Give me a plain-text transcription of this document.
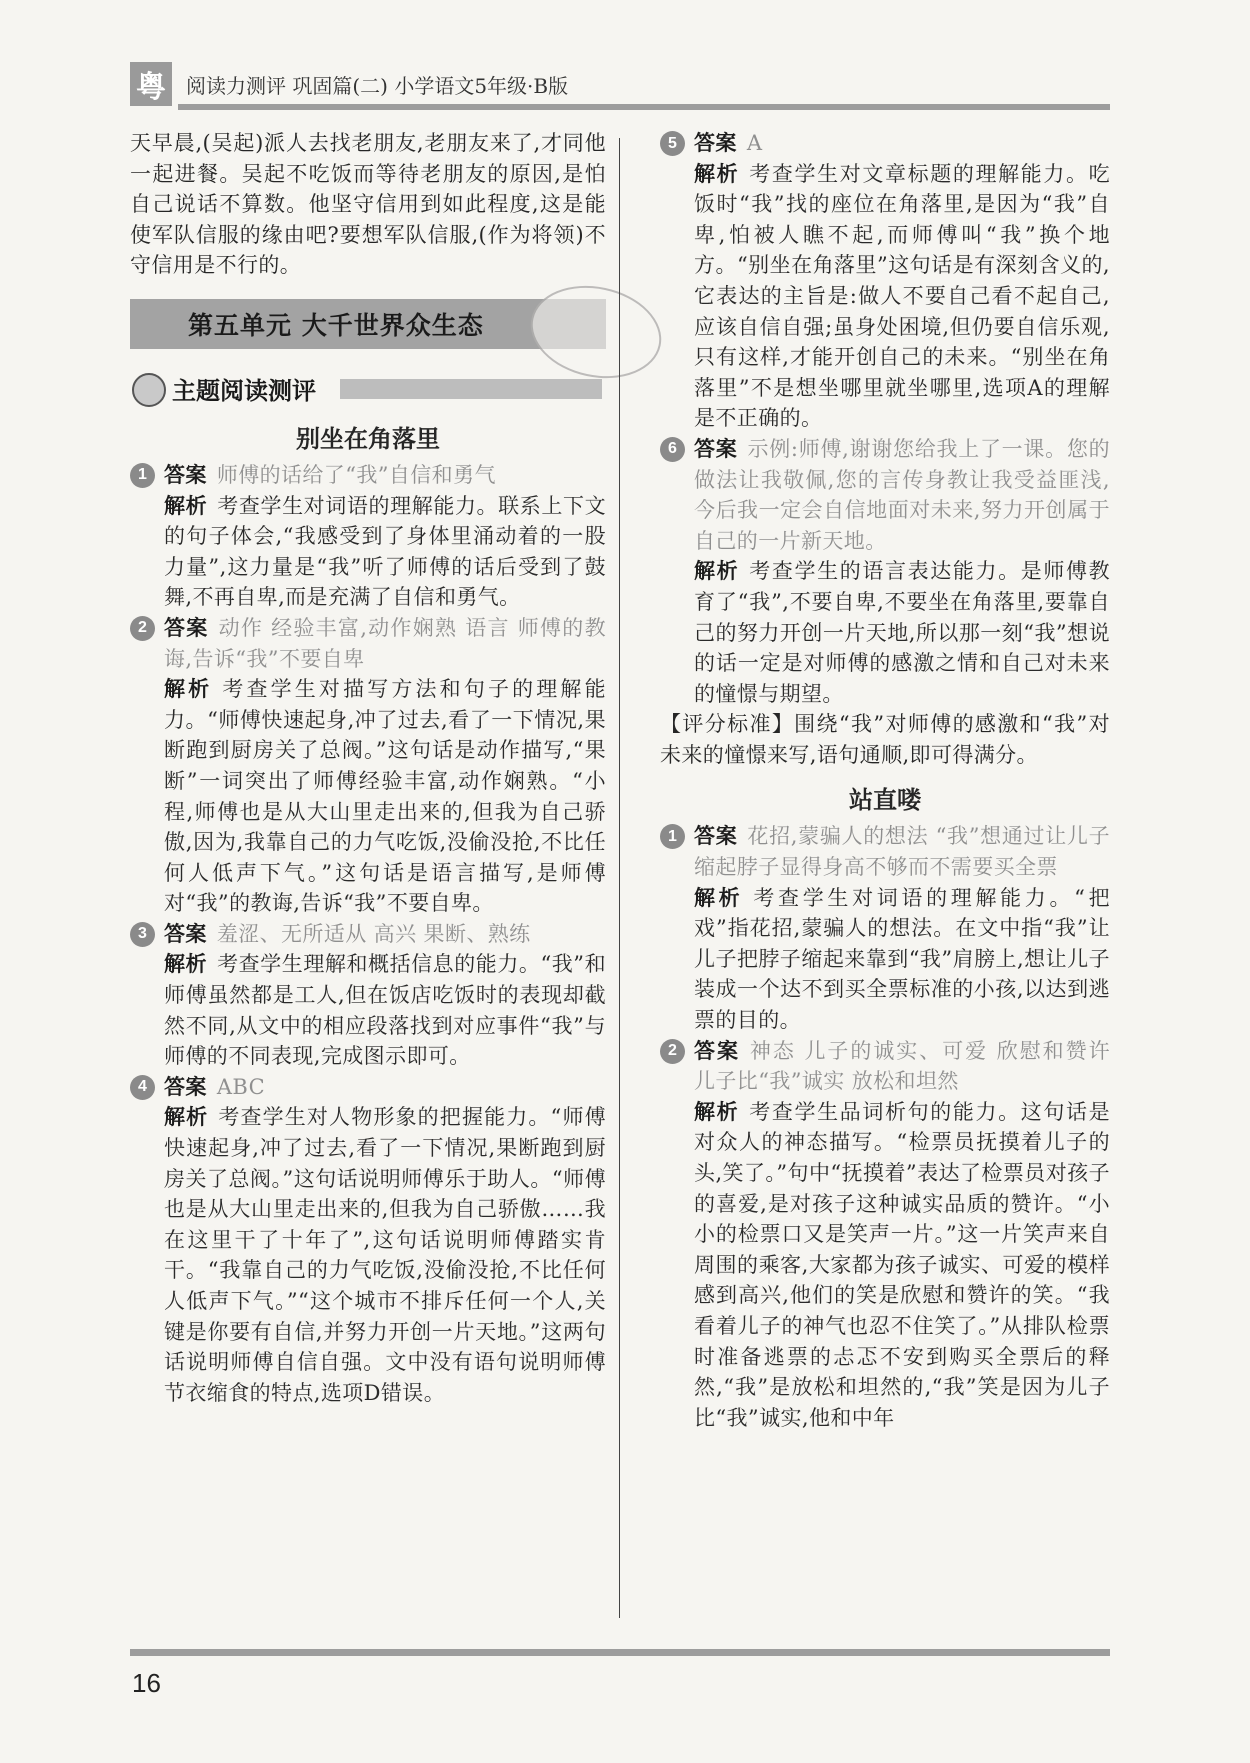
粤	阅读力测评 巩固篇(二) 小学语文5年级·B版

天早晨,(吴起)派人去找老朋友,老朋友来了,才同他一起进餐。吴起不吃饭而等待老朋友的原因,是怕自己说话不算数。他坚守信用到如此程度,这是能使军队信服的缘由吧?要想军队信服,(作为将领)不守信用是不行的。

第五单元 大千世界众生态
主题阅读测评
别坐在角落里
1 答案 师傅的话给了“我”自信和勇气

解析 考查学生对词语的理解能力。联系上下文的句子体会,“我感受到了身体里涌动着的一股力量”,这力量是“我”听了师傅的话后受到了鼓舞,不再自卑,而是充满了自信和勇气。

2 答案 动作 经验丰富,动作娴熟 语言 师傅的教诲,告诉“我”不要自卑

解析 考查学生对描写方法和句子的理解能力。“师傅快速起身,冲了过去,看了一下情况,果断跑到厨房关了总阀。”这句话是动作描写,“果断”一词突出了师傅经验丰富,动作娴熟。“小程,师傅也是从大山里走出来的,但我为自己骄傲,因为,我靠自己的力气吃饭,没偷没抢,不比任何人低声下气。”这句话是语言描写,是师傅对“我”的教诲,告诉“我”不要自卑。

3 答案 羞涩、无所适从 高兴 果断、熟练

解析 考查学生理解和概括信息的能力。“我”和师傅虽然都是工人,但在饭店吃饭时的表现却截然不同,从文中的相应段落找到对应事件“我”与师傅的不同表现,完成图示即可。

4 答案 ABC

解析 考查学生对人物形象的把握能力。“师傅快速起身,冲了过去,看了一下情况,果断跑到厨房关了总阀。”这句话说明师傅乐于助人。“师傅也是从大山里走出来的,但我为自己骄傲……我在这里干了十年了”,这句话说明师傅踏实肯干。“我靠自己的力气吃饭,没偷没抢,不比任何人低声下气。”“这个城市不排斥任何一个人,关键是你要有自信,并努力开创一片天地。”这两句话说明师傅自信自强。文中没有语句说明师傅节衣缩食的特点,选项D错误。

5 答案 A

解析 考查学生对文章标题的理解能力。吃饭时“我”找的座位在角落里,是因为“我”自卑,怕被人瞧不起,而师傅叫“我”换个地方。“别坐在角落里”这句话是有深刻含义的,它表达的主旨是:做人不要自己看不起自己,应该自信自强;虽身处困境,但仍要自信乐观,只有这样,才能开创自己的未来。“别坐在角落里”不是想坐哪里就坐哪里,选项A的理解是不正确的。

6 答案 示例:师傅,谢谢您给我上了一课。您的做法让我敬佩,您的言传身教让我受益匪浅,今后我一定会自信地面对未来,努力开创属于自己的一片新天地。

解析 考查学生的语言表达能力。是师傅教育了“我”,不要自卑,不要坐在角落里,要靠自己的努力开创一片天地,所以那一刻“我”想说的话一定是对师傅的感激之情和自己对未来的憧憬与期望。

【评分标准】围绕“我”对师傅的感激和“我”对未来的憧憬来写,语句通顺,即可得满分。

站直喽
1 答案 花招,蒙骗人的想法 “我”想通过让儿子缩起脖子显得身高不够而不需要买全票

解析 考查学生对词语的理解能力。“把戏”指花招,蒙骗人的想法。在文中指“我”让儿子把脖子缩起来靠到“我”肩膀上,想让儿子装成一个达不到买全票标准的小孩,以达到逃票的目的。

2 答案 神态 儿子的诚实、可爱 欣慰和赞许 儿子比“我”诚实 放松和坦然

解析 考查学生品词析句的能力。这句话是对众人的神态描写。“检票员抚摸着儿子的头,笑了。”句中“抚摸着”表达了检票员对孩子的喜爱,是对孩子这种诚实品质的赞许。“小小的检票口又是笑声一片。”这一片笑声来自周围的乘客,大家都为孩子诚实、可爱的模样感到高兴,他们的笑是欣慰和赞许的笑。“我看着儿子的神气也忍不住笑了。”从排队检票时准备逃票的忐忑不安到购买全票后的释然,“我”是放松和坦然的,“我”笑是因为儿子比“我”诚实,他和中年

16
